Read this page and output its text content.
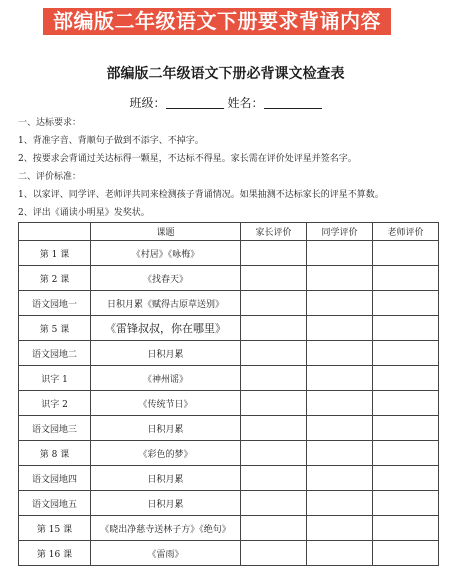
部编版二年级语文下册要求背诵内容
部编版二年级语文下册必背课文检查表
班级：	姓名：
一、达标要求：
1、背准字音、背顺句子做到不添字、不掉字。
2、按要求会背诵过关达标得一颗星，不达标不得星。家长需在评价处评星并签名字。
二、评价标准：
1、以家评、同学评、老师评共同来检测孩子背诵情况。如果抽测不达标家长的评星不算数。
2、评出《诵读小明星》发奖状。
	课题	家长评价	同学评价	老师评价
第 1 课	《村居》《咏梅》			
第 2 课	《找春天》			
语文园地一	日积月累《赋得古原草送别》			
第 5 课	《雷锋叔叔，你在哪里》			
语文园地二	日积月累			
识字 1	《神州谣》			
识字 2	《传统节日》			
语文园地三	日积月累			
第 8 课	《彩色的梦》			
语文园地四	日积月累			
语文园地五	日积月累			
第 15 课	《晓出净慈寺送林子方》《绝句》			
第 16 课	《雷雨》			
